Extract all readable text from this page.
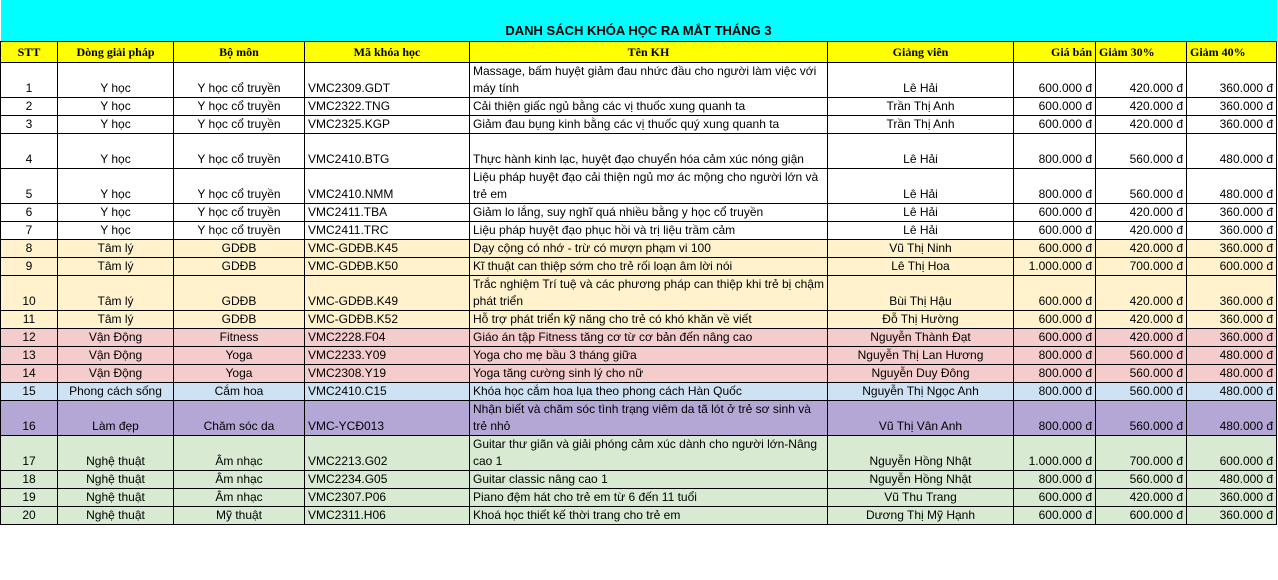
DANH SÁCH KHÓA HỌC RA MẮT THÁNG 3								
STT	Dòng giải pháp	Bộ môn	Mã khóa học	Tên KH	Giảng viên	Giá bán	Giảm 30%	Giảm 40%
1	Y học	Y học cổ truyền	VMC2309.GDT	Massage, bấm huyệt giảm đau nhức đầu cho người làm việc với máy tính	Lê Hải	600.000 đ	420.000 đ	360.000 đ
2	Y học	Y học cổ truyền	VMC2322.TNG	Cải thiện giấc ngủ bằng các vị thuốc xung quanh ta	Trần Thị Anh	600.000 đ	420.000 đ	360.000 đ
3	Y học	Y học cổ truyền	VMC2325.KGP	Giảm đau bụng kinh bằng các vị thuốc quý xung quanh ta	Trần Thị Anh	600.000 đ	420.000 đ	360.000 đ
4	Y học	Y học cổ truyền	VMC2410.BTG	Thực hành kinh lạc, huyệt đạo chuyển hóa cảm xúc nóng giận	Lê Hải	800.000 đ	560.000 đ	480.000 đ
5	Y học	Y học cổ truyền	VMC2410.NMM	Liệu pháp huyệt đạo cải thiện ngủ mơ ác mộng cho người lớn và trẻ em	Lê Hải	800.000 đ	560.000 đ	480.000 đ
6	Y học	Y học cổ truyền	VMC2411.TBA	Giảm lo lắng, suy nghĩ quá nhiều bằng y học cổ truyền	Lê Hải	600.000 đ	420.000 đ	360.000 đ
7	Y học	Y học cổ truyền	VMC2411.TRC	Liệu pháp huyệt đạo phục hồi và trị liệu trầm cảm	Lê Hải	600.000 đ	420.000 đ	360.000 đ
8	Tâm lý	GDĐB	VMC-GDĐB.K45	Dạy cộng có nhớ - trừ có mượn phạm vi 100	Vũ Thị Ninh	600.000 đ	420.000 đ	360.000 đ
9	Tâm lý	GDĐB	VMC-GDĐB.K50	Kĩ thuật can thiệp sớm cho trẻ rối loạn âm lời nói	Lê Thị Hoa	1.000.000 đ	700.000 đ	600.000 đ
10	Tâm lý	GDĐB	VMC-GDĐB.K49	Trắc nghiệm Trí tuệ và các phương pháp can thiệp khi trẻ bị chậm phát triển	Bùi Thị Hậu	600.000 đ	420.000 đ	360.000 đ
11	Tâm lý	GDĐB	VMC-GDĐB.K52	Hỗ trợ phát triển kỹ năng cho trẻ có khó khăn về viết	Đỗ Thị Hường	600.000 đ	420.000 đ	360.000 đ
12	Vận Động	Fitness	VMC2228.F04	Giáo án tập Fitness tăng cơ từ cơ bản đến nâng cao	Nguyễn Thành Đạt	600.000 đ	420.000 đ	360.000 đ
13	Vận Động	Yoga	VMC2233.Y09	Yoga cho mẹ bầu 3 tháng giữa	Nguyễn Thị Lan Hương	800.000 đ	560.000 đ	480.000 đ
14	Vận Động	Yoga	VMC2308.Y19	Yoga tăng cường sinh lý cho nữ	Nguyễn Duy Đông	800.000 đ	560.000 đ	480.000 đ
15	Phong cách sống	Cắm hoa	VMC2410.C15	Khóa học cắm hoa lụa theo phong cách Hàn Quốc	Nguyễn Thị Ngọc Anh	800.000 đ	560.000 đ	480.000 đ
16	Làm đẹp	Chăm sóc da	VMC-YCĐ013	Nhận biết và chăm sóc tình trạng viêm da tã lót ở trẻ sơ sinh và trẻ nhỏ	Vũ Thị Vân Anh	800.000 đ	560.000 đ	480.000 đ
17	Nghệ thuật	Âm nhạc	VMC2213.G02	Guitar thư giãn và giải phóng cảm xúc dành cho người lớn-Nâng cao 1	Nguyễn Hồng Nhật	1.000.000 đ	700.000 đ	600.000 đ
18	Nghệ thuật	Âm nhạc	VMC2234.G05	Guitar classic nâng cao 1	Nguyễn Hồng Nhật	800.000 đ	560.000 đ	480.000 đ
19	Nghệ thuật	Âm nhạc	VMC2307.P06	Piano đệm hát cho trẻ em từ 6 đến 11 tuổi	Vũ Thu Trang	600.000 đ	420.000 đ	360.000 đ
20	Nghệ thuật	Mỹ thuật	VMC2311.H06	Khoá học thiết kế thời trang cho trẻ em	Dương Thị Mỹ Hạnh	600.000 đ	600.000 đ	360.000 đ
